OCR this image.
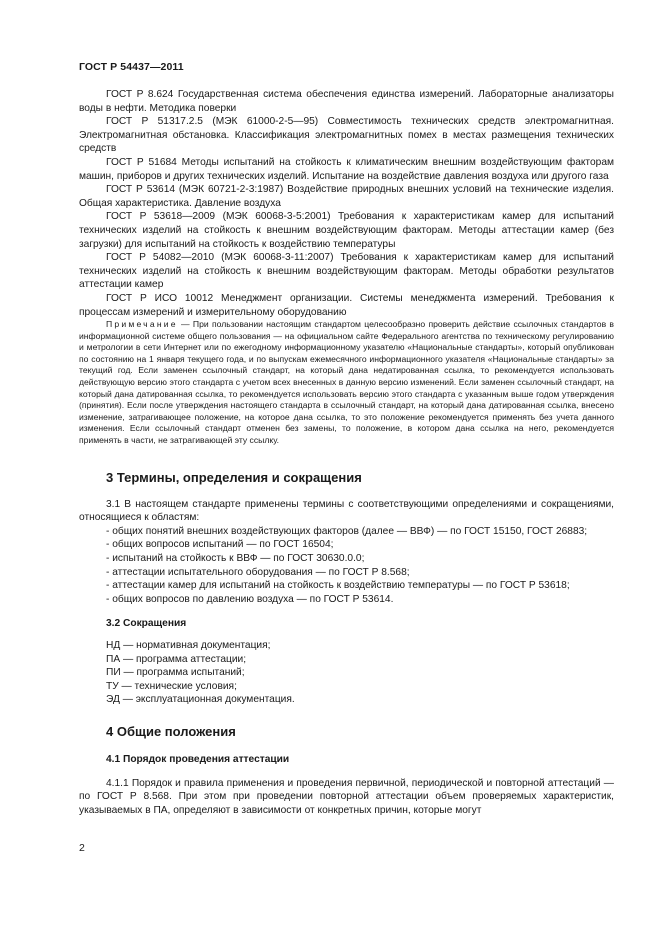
ГОСТ Р 54437—2011

ГОСТ Р 8.624 Государственная система обеспечения единства измерений. Лабораторные анализаторы воды в нефти. Методика поверки

ГОСТ Р 51317.2.5 (МЭК 61000-2-5—95) Совместимость технических средств электромагнитная. Электромагнитная обстановка. Классификация электромагнитных помех в местах размещения технических средств

ГОСТ Р 51684 Методы испытаний на стойкость к климатическим внешним воздействующим факторам машин, приборов и других технических изделий. Испытание на воздействие давления воздуха или другого газа

ГОСТ Р 53614 (МЭК 60721-2-3:1987) Воздействие природных внешних условий на технические изделия. Общая характеристика. Давление воздуха

ГОСТ Р 53618—2009 (МЭК 60068-3-5:2001) Требования к характеристикам камер для испытаний технических изделий на стойкость к внешним воздействующим факторам. Методы аттестации камер (без загрузки) для испытаний на стойкость к воздействию температуры

ГОСТ Р 54082—2010 (МЭК 60068-3-11:2007) Требования к характеристикам камер для испытаний технических изделий на стойкость к внешним воздействующим факторам. Методы обработки результатов аттестации камер

ГОСТ Р ИСО 10012 Менеджмент организации. Системы менеджмента измерений. Требования к процессам измерений и измерительному оборудованию

Примечание — При пользовании настоящим стандартом целесообразно проверить действие ссылочных стандартов в информационной системе общего пользования — на официальном сайте Федерального агентства по техническому регулированию и метрологии в сети Интернет или по ежегодному информационному указателю «Национальные стандарты», который опубликован по состоянию на 1 января текущего года, и по выпускам ежемесячного информационного указателя «Национальные стандарты» за текущий год. Если заменен ссылочный стандарт, на который дана недатированная ссылка, то рекомендуется использовать действующую версию этого стандарта с учетом всех внесенных в данную версию изменений. Если заменен ссылочный стандарт, на который дана датированная ссылка, то рекомендуется использовать версию этого стандарта с указанным выше годом утверждения (принятия). Если после утверждения настоящего стандарта в ссылочный стандарт, на который дана датированная ссылка, внесено изменение, затрагивающее положение, на которое дана ссылка, то это положение рекомендуется применять без учета данного изменения. Если ссылочный стандарт отменен без замены, то положение, в котором дана ссылка на него, рекомендуется применять в части, не затрагивающей эту ссылку.

3 Термины, определения и сокращения

3.1 В настоящем стандарте применены термины с соответствующими определениями и сокращениями, относящиеся к областям:

- общих понятий внешних воздействующих факторов (далее — ВВФ) — по ГОСТ 15150, ГОСТ 26883;

- общих вопросов испытаний — по ГОСТ 16504;

- испытаний на стойкость к ВВФ — по ГОСТ 30630.0.0;

- аттестации испытательного оборудования — по ГОСТ Р 8.568;

- аттестации камер для испытаний на стойкость к воздействию температуры — по ГОСТ Р 53618;

- общих вопросов по давлению воздуха — по ГОСТ Р 53614.

3.2 Сокращения

НД — нормативная документация;

ПА — программа аттестации;

ПИ — программа испытаний;

ТУ — технические условия;

ЭД — эксплуатационная документация.

4 Общие положения
4.1 Порядок проведения аттестации

4.1.1 Порядок и правила применения и проведения первичной, периодической и повторной аттестаций — по ГОСТ Р 8.568. При этом при проведении повторной аттестации объем проверяемых характеристик, указываемых в ПА, определяют в зависимости от конкретных причин, которые могут

2
